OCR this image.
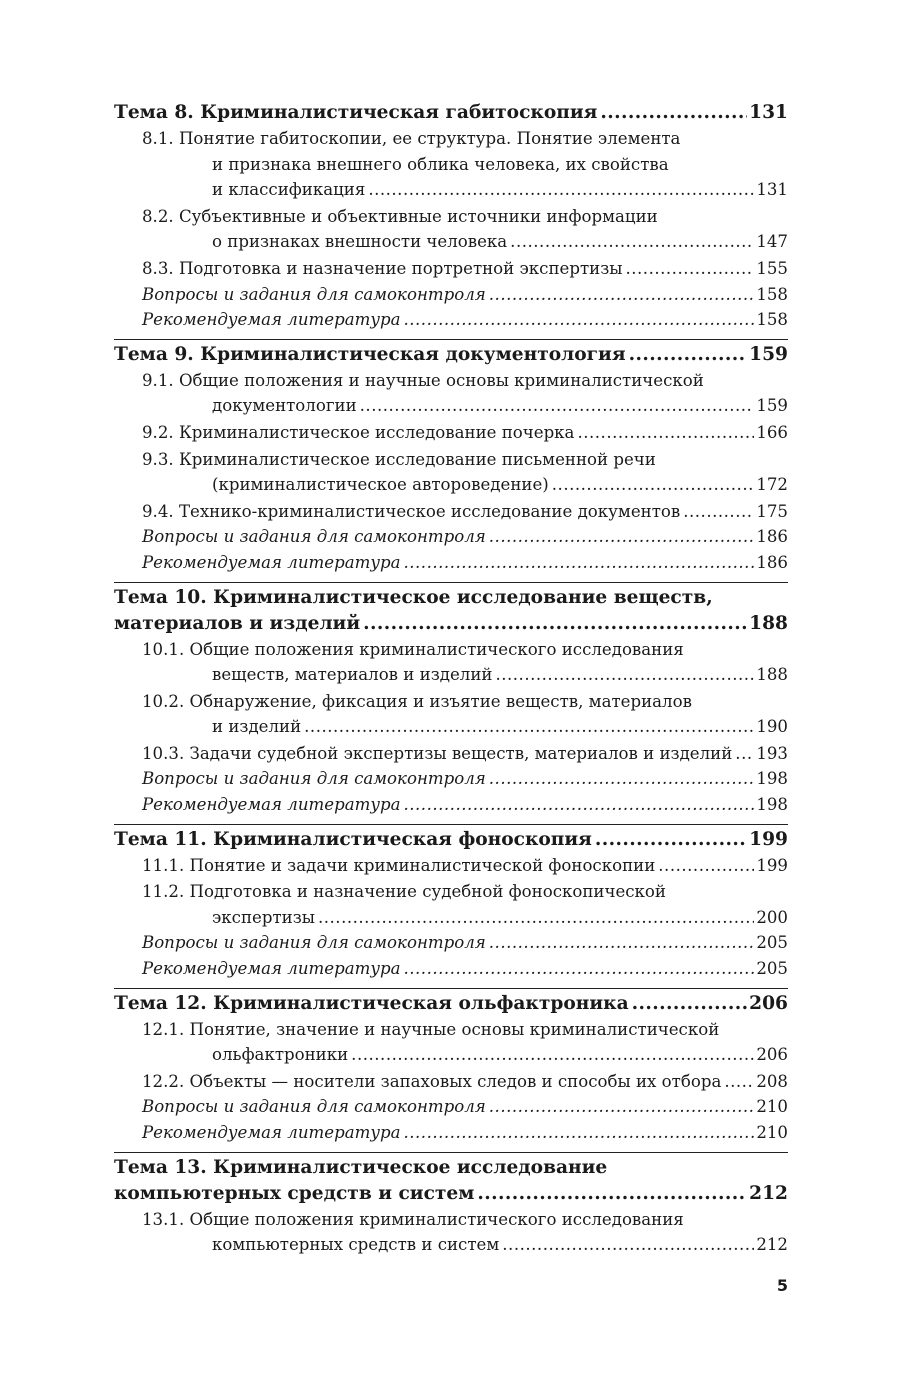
Тема 8. Криминалистическая габитоскопия .....	131
8.1. Понятие габитоскопии, ее структура. Понятие элемента
и признака внешнего облика человека, их свойства
и классификация .....	131
8.2. Субъективные и объективные источники информации
о признаках внешности человека .....	147
8.3. Подготовка и назначение портретной экспертизы .....	155
Вопросы и задания для самоконтроля .....	158
Рекомендуемая литература .....	158
Тема 9. Криминалистическая документология .....	159
9.1. Общие положения и научные основы криминалистической
документологии .....	159
9.2. Криминалистическое исследование почерка .....	166
9.3. Криминалистическое исследование письменной речи
(криминалистическое автороведение) .....	172
9.4. Технико-криминалистическое исследование документов .....	175
Вопросы и задания для самоконтроля .....	186
Рекомендуемая литература .....	186
Тема 10. Криминалистическое исследование веществ,
материалов и изделий .....	188
10.1. Общие положения криминалистического исследования
веществ, материалов и изделий .....	188
10.2. Обнаружение, фиксация и изъятие веществ, материалов
и изделий .....	190
10.3. Задачи судебной экспертизы веществ, материалов и изделий ..... 193
Вопросы и задания для самоконтроля .....	198
Рекомендуемая литература .....	198
Тема 11. Криминалистическая фоноскопия .....	199
11.1. Понятие и задачи криминалистической фоноскопии .....	199
11.2. Подготовка и назначение судебной фоноскопической
экспертизы .....	200
Вопросы и задания для самоконтроля .....	205
Рекомендуемая литература .....	205
Тема 12. Криминалистическая ольфактроника .....	206
12.1. Понятие, значение и научные основы криминалистической
ольфактроники .....	206
12.2. Объекты — носители запаховых следов и способы их отбора ..... 208
Вопросы и задания для самоконтроля .....	210
Рекомендуемая литература .....	210
Тема 13. Криминалистическое исследование
компьютерных средств и систем .....	212
13.1. Общие положения криминалистического исследования
компьютерных средств и систем .....	212
5
